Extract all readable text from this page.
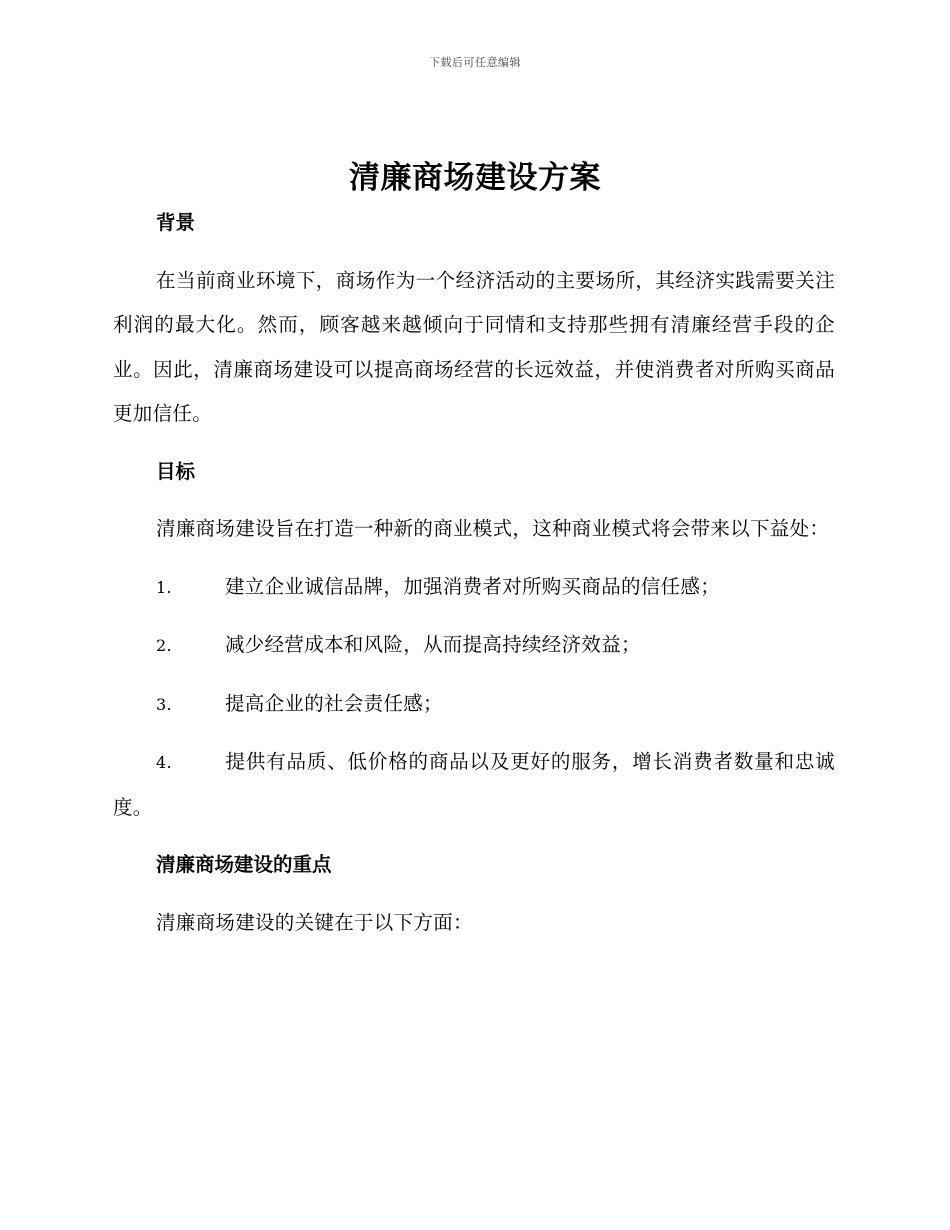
下载后可任意编辑
清廉商场建设方案

背景

在当前商业环境下，商场作为一个经济活动的主要场所，其经济实践需要关注利润的最大化。然而，顾客越来越倾向于同情和支持那些拥有清廉经营手段的企业。因此，清廉商场建设可以提高商场经营的长远效益，并使消费者对所购买商品更加信任。

目标

清廉商场建设旨在打造一种新的商业模式，这种商业模式将会带来以下益处：

1.	建立企业诚信品牌，加强消费者对所购买商品的信任感；

2.	减少经营成本和风险，从而提高持续经济效益；

3.	提高企业的社会责任感；

4.	提供有品质、低价格的商品以及更好的服务，增长消费者数量和忠诚度。

清廉商场建设的重点

清廉商场建设的关键在于以下方面：
